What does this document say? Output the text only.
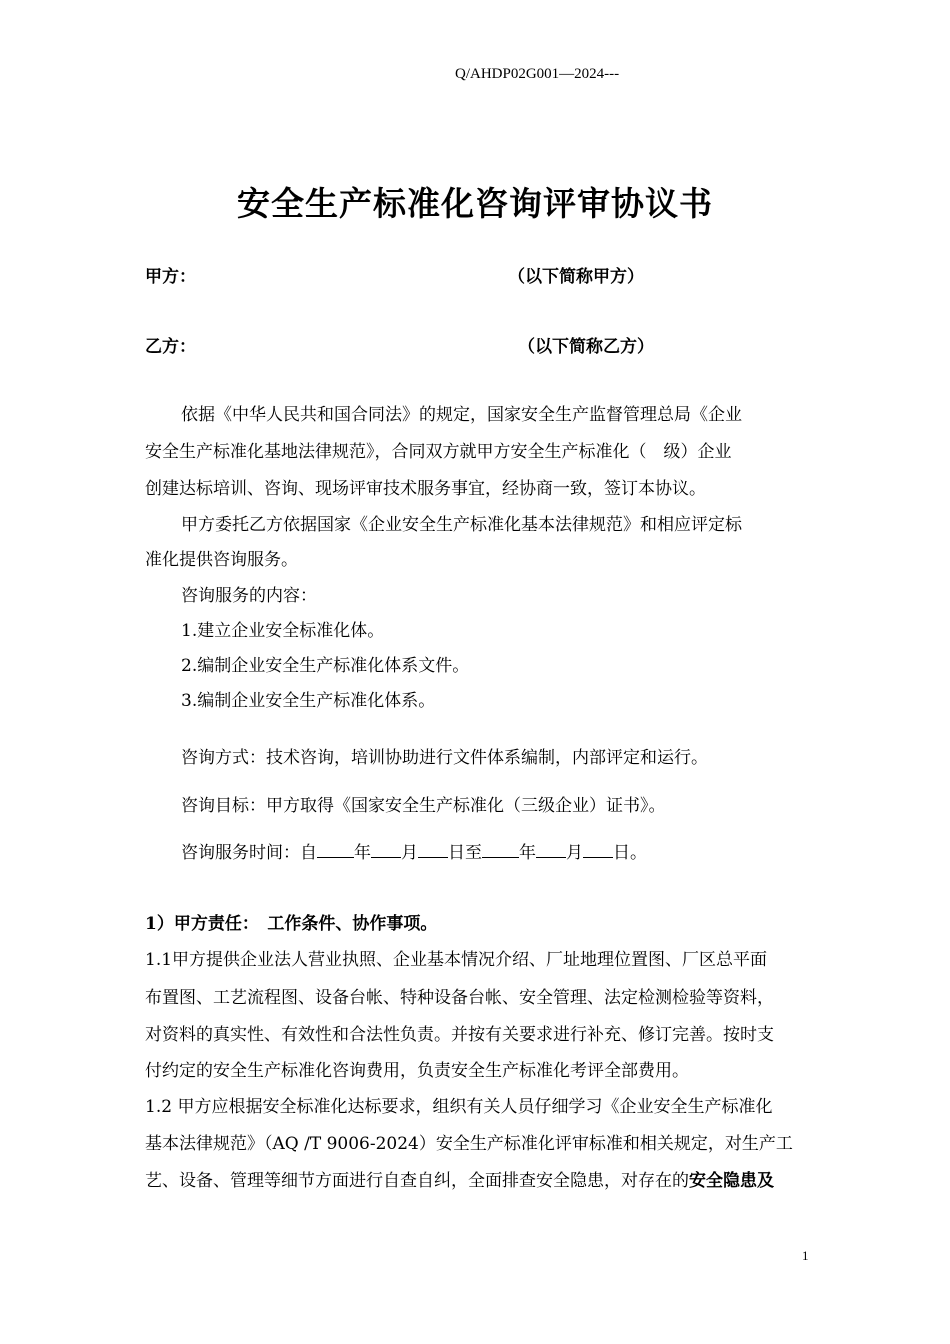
Q/AHDP02G001—2024---
安全生产标准化咨询评审协议书
甲方：	（以下简称甲方）
乙方：	（以下简称乙方）
依据《中华人民共和国合同法》的规定，国家安全生产监督管理总局《企业
安全生产标准化基地法律规范》，合同双方就甲方安全生产标准化（　级）企业
创建达标培训、咨询、现场评审技术服务事宜，经协商一致，签订本协议。
甲方委托乙方依据国家《企业安全生产标准化基本法律规范》和相应评定标
准化提供咨询服务。
咨询服务的内容：
1.建立企业安全标准化体。
2.编制企业安全生产标准化体系文件。
3.编制企业安全生产标准化体系。
咨询方式：技术咨询，培训协助进行文件体系编制，内部评定和运行。
咨询目标：甲方取得《国家安全生产标准化（三级企业）证书》。
咨询服务时间：自 年 月 日至 年 月 日。
1）甲方责任：　工作条件、协作事项。
1.1甲方提供企业法人营业执照、企业基本情况介绍、厂址地理位置图、厂区总平面
布置图、工艺流程图、设备台帐、特种设备台帐、安全管理、法定检测检验等资料，
对资料的真实性、有效性和合法性负责。并按有关要求进行补充、修订完善。按时支
付约定的安全生产标准化咨询费用，负责安全生产标准化考评全部费用。
1.2 甲方应根据安全标准化达标要求，组织有关人员仔细学习《企业安全生产标准化
基本法律规范》（AQ /T 9006-2024）安全生产标准化评审标准和相关规定，对生产工
艺、设备、管理等细节方面进行自查自纠，全面排查安全隐患，对存在的安全隐患及
1
